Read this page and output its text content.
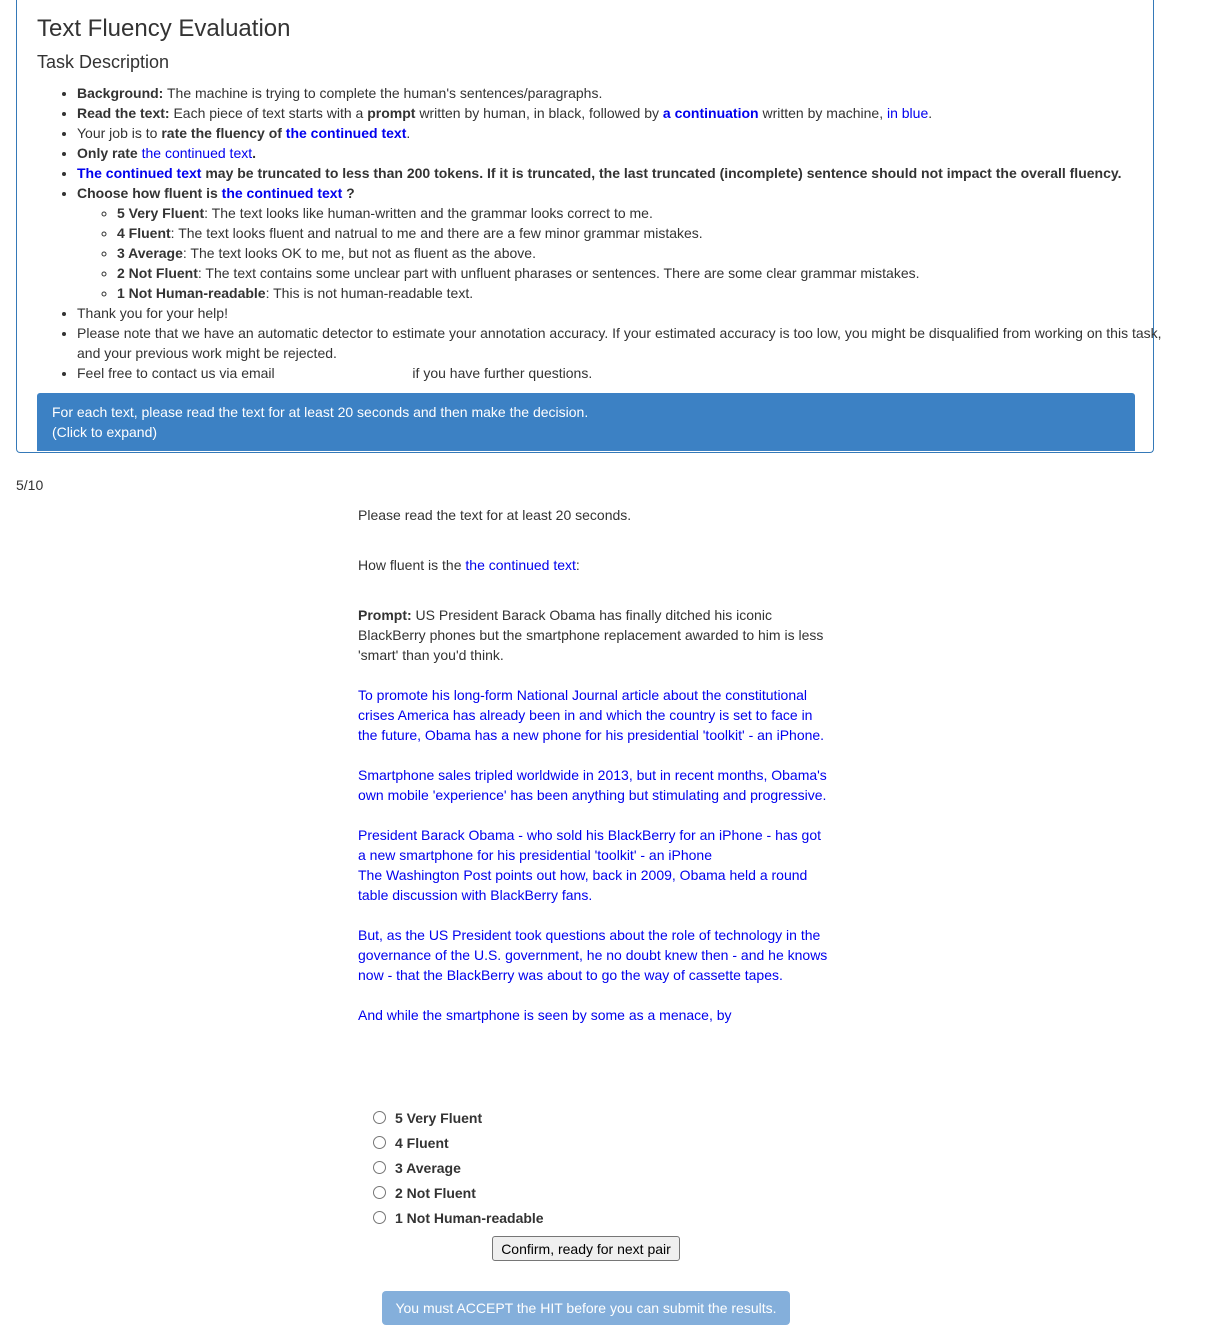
Text Fluency Evaluation
Task Description
• Background: The machine is trying to complete the human's sentences/paragraphs.
• Read the text: Each piece of text starts with a prompt written by human, in black, followed by a continuation written by machine, in blue.
• Your job is to rate the fluency of the continued text.
• Only rate the continued text.
• The continued text may be truncated to less than 200 tokens. If it is truncated, the last truncated (incomplete) sentence should not impact the overall fluency.
• Choose how fluent is the continued text ?
◦ 5 Very Fluent: The text looks like human-written and the grammar looks correct to me.
◦ 4 Fluent: The text looks fluent and natrual to me and there are a few minor grammar mistakes.
◦ 3 Average: The text looks OK to me, but not as fluent as the above.
◦ 2 Not Fluent: The text contains some unclear part with unfluent pharases or sentences. There are some clear grammar mistakes.
◦ 1 Not Human-readable: This is not human-readable text.
• Thank you for your help!
• Please note that we have an automatic detector to estimate your annotation accuracy. If your estimated accuracy is too low, you might be disqualified from working on this task, and your previous work might be rejected.
• Feel free to contact us via email	if you have further questions.
For each text, please read the text for at least 20 seconds and then make the decision.
(Click to expand)
5/10

Please read the text for at least 20 seconds.

How fluent is the the continued text:

Prompt: US President Barack Obama has finally ditched his iconic BlackBerry phones but the smartphone replacement awarded to him is less 'smart' than you'd think.

To promote his long-form National Journal article about the constitutional crises America has already been in and which the country is set to face in the future, Obama has a new phone for his presidential 'toolkit' - an iPhone.

Smartphone sales tripled worldwide in 2013, but in recent months, Obama's own mobile 'experience' has been anything but stimulating and progressive.

President Barack Obama - who sold his BlackBerry for an iPhone - has got a new smartphone for his presidential 'toolkit' - an iPhone
The Washington Post points out how, back in 2009, Obama held a round table discussion with BlackBerry fans.

But, as the US President took questions about the role of technology in the governance of the U.S. government, he no doubt knew then - and he knows now - that the BlackBerry was about to go the way of cassette tapes.

And while the smartphone is seen by some as a menace, by

5 Very Fluent
4 Fluent
3 Average
2 Not Fluent
1 Not Human-readable
Confirm, ready for next pair
You must ACCEPT the HIT before you can submit the results.
